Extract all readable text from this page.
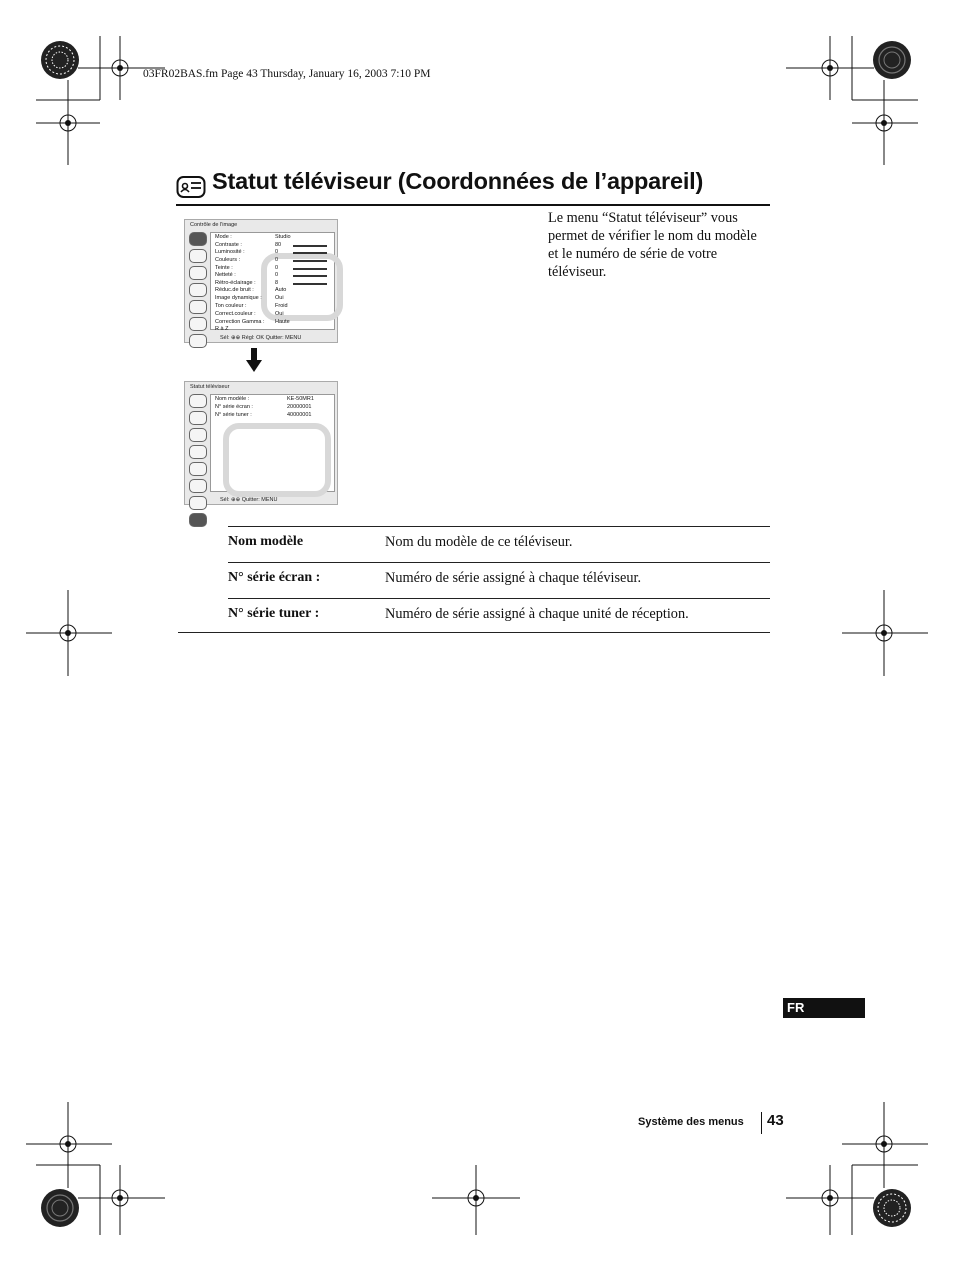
03FR02BAS.fm Page 43 Thursday, January 16, 2003 7:10 PM
Statut téléviseur (Coordonnées de l’appareil)
Le menu “Statut téléviseur” vous permet de vérifier le nom du modèle et le numéro de série de votre téléviseur.
Contrôle de l'image
Mode :	Studio
Contraste :	80
Luminosité :	0
Couleurs :	0
Teinte :	0
Netteté :	0
Rétro-éclairage :	8
Réduc.de bruit :	Auto
Image dynamique : Oui
Ton couleur :	Froid
Correct.couleur :	Oui
Correction Gamma : Haute
R à Z
Sél: ⊕⊕ Régl: OK Quitter: MENU
Statut téléviseur
Nom modèle :	KE-50MR1
N° série écran :	20000001
N° série tuner :	40000001
Sél: ⊕⊕ Quitter: MENU
Nom modèle	Nom du modèle de ce téléviseur.
N° série écran :	Numéro de série assigné à chaque téléviseur.
N° série tuner :	Numéro de série assigné à chaque unité de réception.
FR
Système des menus 43
